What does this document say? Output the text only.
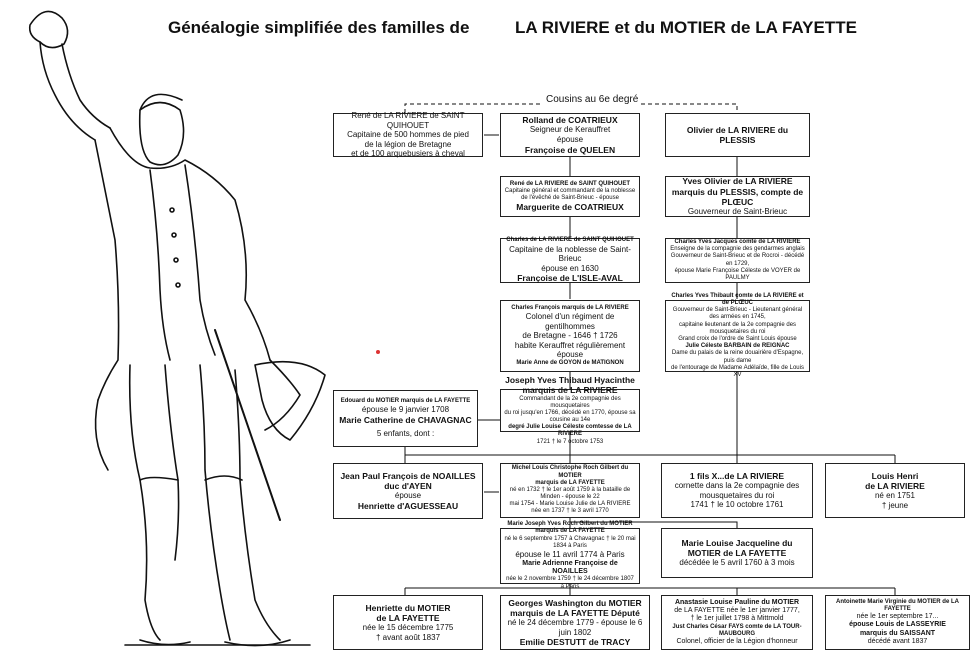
Généalogie simplifiée des familles de	LA RIVIERE et du MOTIER de LA FAYETTE
Cousins au 6e degré
René de LA RIVIERE de SAINT QUIHOUET
Capitaine de 500 hommes de pied
de la légion de Bretagne
et de 100 arquebusiers à cheval
Rolland de COATRIEUX
Seigneur de Kerauffret
épouse
Françoise de QUELEN
Olivier de LA RIVIERE du PLESSIS
René de LA RIVIERE de SAINT QUIHOUET
Capitaine général et commandant de la noblesse
de l'évêché de Saint-Brieuc - épouse
Marguerite de COATRIEUX
Yves Olivier de LA RIVIERE
marquis du PLESSIS, compte de PLŒUC
Gouverneur de Saint-Brieuc
Charles de LA RIVIERE de SAINT QUIHOUET
Capitaine de la noblesse de Saint-Brieuc
épouse en 1630
Françoise de L'ISLE-AVAL
Charles Yves Jacques comte de LA RIVIERE
Enseigne de la compagnie des gendarmes anglais
Gouverneur de Saint-Brieuc et de Rocroi - décédé en 1729,
épouse Marie Françoise Céleste de VOYER de PAULMY
Charles François marquis de LA RIVIERE
Colonel d'un régiment de gentilhommes
de Bretagne - 1646 † 1726
habite Kerauffret régulièrement
épouse
Marie Anne de GOYON de MATIGNON
Charles Yves Thibault comte de LA RIVIERE et de PLŒUC
Gouverneur de Saint-Brieuc - Lieutenant général des armées en 1745,
capitaine lieutenant de la 2e compagnie des mousquetaires du roi
Grand croix de l'ordre de Saint Louis épouse
Julie Céleste BARBAIN de REIGNAC
Dame du palais de la reine douairière d'Espagne, puis dame
de l'entourage de Madame Adélaïde, fille de Louis XV
Edouard du MOTIER marquis de LA FAYETTE
épouse le 9 janvier 1708
Marie Catherine de CHAVAGNAC
5 enfants, dont :
Joseph Yves Thibaud Hyacinthe
marquis de LA RIVIERE
Commandant de la 2e compagnie des mousquetaires
du roi jusqu'en 1766, décédé en 1770, épouse sa cousine au 14e
degré Julie Louise Céleste comtesse de LA RIVIERE
1721 † le 7 octobre 1753
Jean Paul François de NOAILLES
duc d'AYEN
épouse
Henriette d'AGUESSEAU
Michel Louis Christophe Roch Gilbert du MOTIER
marquis de LA FAYETTE
né en 1732 † le 1er août 1759 à la bataille de Minden - épouse le 22
mai 1754 - Marie Louise Julie de LA RIVIERE
née en 1737 † le 3 avril 1770
1 fils X...de LA RIVIERE
cornette dans la 2e compagnie des
mousquetaires du roi
1741 † le 10 octobre 1761
Louis Henri
de LA RIVIERE
né en 1751
† jeune
Marie Joseph Yves Roch Gilbert du MOTIER marquis de LA FAYETTE
né le 6 septembre 1757 à Chavagnac † le 20 mai 1834 à Paris
épouse le 11 avril 1774 à Paris
Marie Adrienne Françoise de NOAILLES
née le 2 novembre 1759 † le 24 décembre 1807 à Paris
Marie Louise Jacqueline du
MOTIER de LA FAYETTE
décédée le 5 avril 1760 à 3 mois
Henriette du MOTIER
de LA FAYETTE
née le 15 décembre 1775
† avant août 1837
Georges Washington du MOTIER
marquis de LA FAYETTE Député
né le 24 décembre 1779 - épouse le 6 juin 1802
Emilie DESTUTT de TRACY
Anastasie Louise Pauline du MOTIER
de LA FAYETTE née le 1er janvier 1777,
† le 1er juillet 1798 à Mittmold
Just Charles César FAYS comte de LA TOUR-MAUBOURG
Colonel, officier de la Légion d'honneur
Antoinette Marie Virginie du MOTIER de LA FAYETTE
née le 1er septembre 17...
épouse Louis de LASSEYRIE
marquis du SAISSANT
décédé avant 1837
